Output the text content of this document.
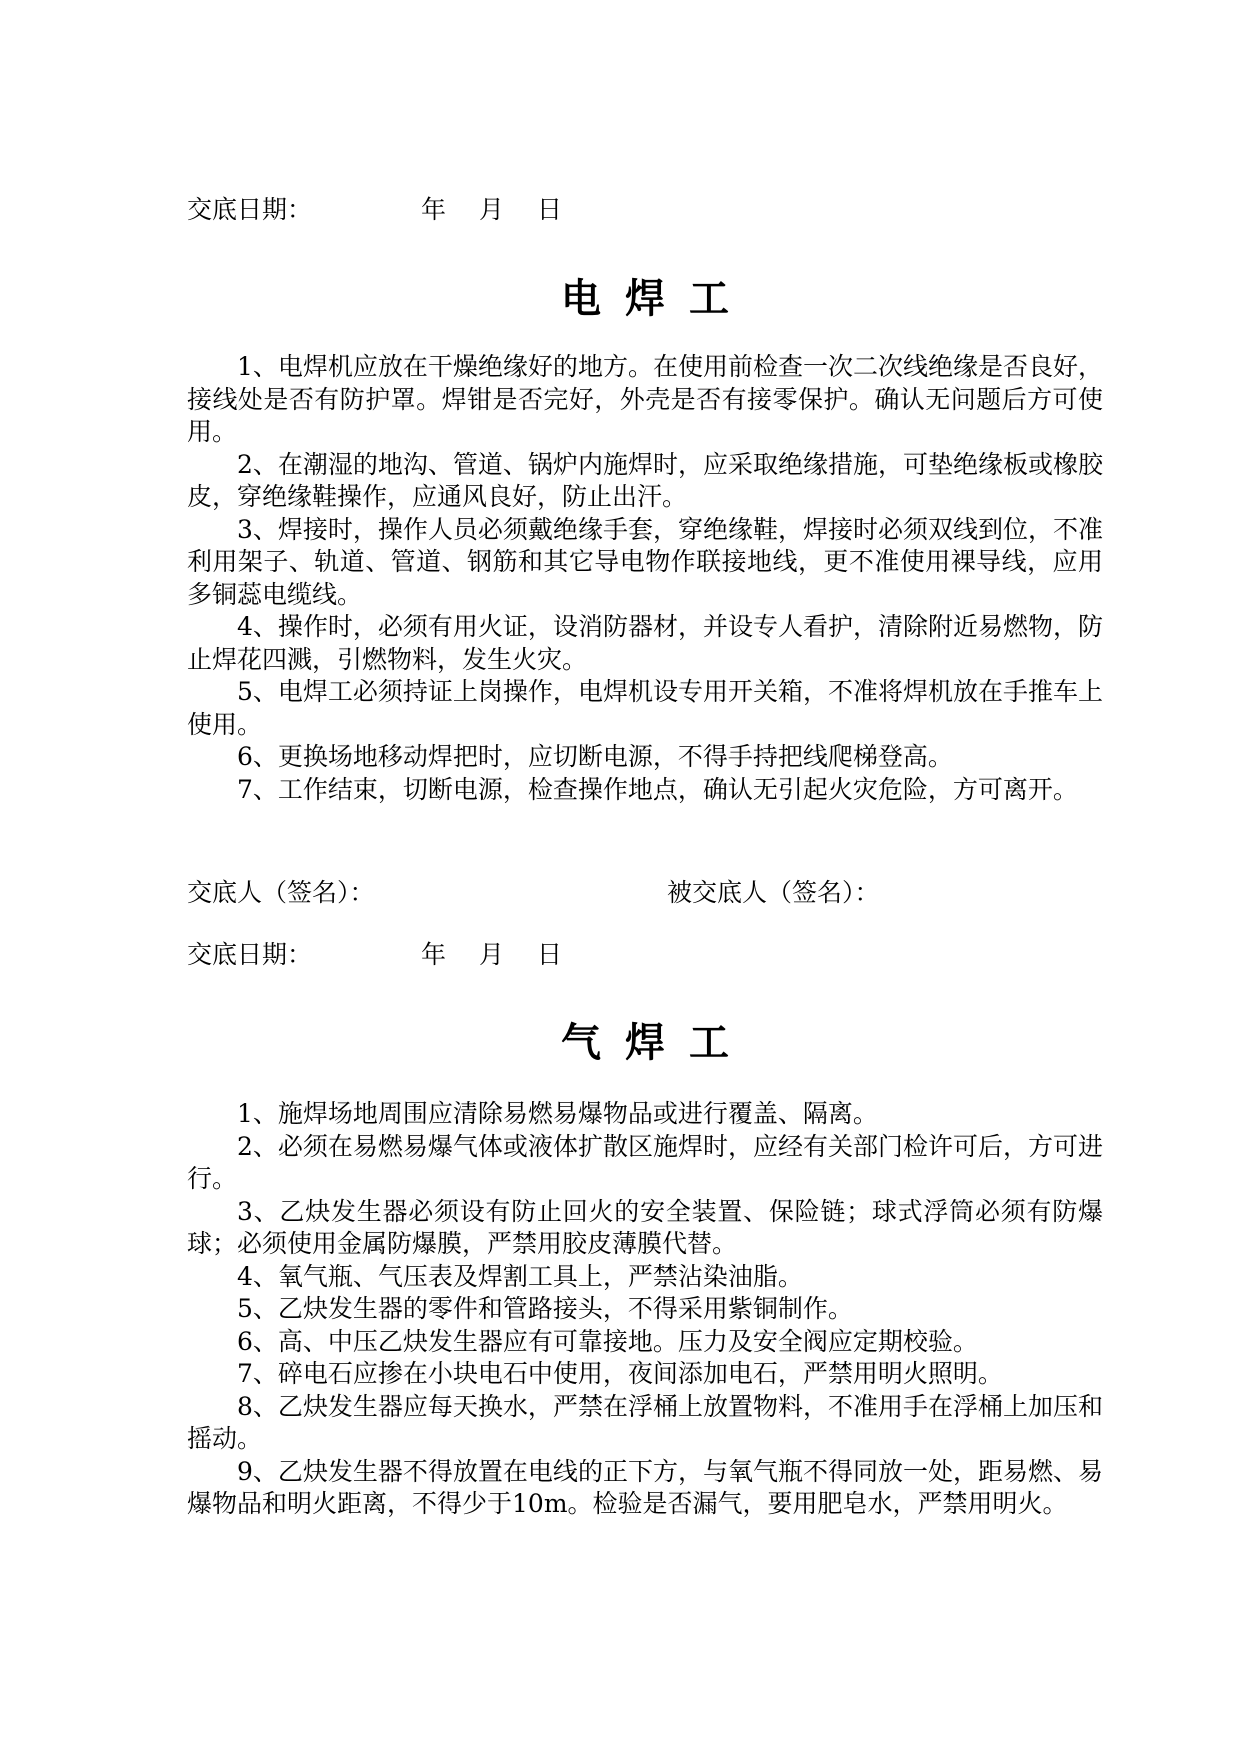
交底日期：	年 月 日
电焊工

1、电焊机应放在干燥绝缘好的地方。在使用前检查一次二次线绝缘是否良好，接线处是否有防护罩。焊钳是否完好，外壳是否有接零保护。确认无问题后方可使用。

2、在潮湿的地沟、管道、锅炉内施焊时，应采取绝缘措施，可垫绝缘板或橡胶皮，穿绝缘鞋操作，应通风良好，防止出汗。

3、焊接时，操作人员必须戴绝缘手套，穿绝缘鞋，焊接时必须双线到位，不准利用架子、轨道、管道、钢筋和其它导电物作联接地线，更不准使用裸导线，应用多铜蕊电缆线。

4、操作时，必须有用火证，设消防器材，并设专人看护，清除附近易燃物，防止焊花四溅，引燃物料，发生火灾。

5、电焊工必须持证上岗操作，电焊机设专用开关箱，不准将焊机放在手推车上使用。

6、更换场地移动焊把时，应切断电源，不得手持把线爬梯登高。

7、工作结束，切断电源，检查操作地点，确认无引起火灾危险，方可离开。

交底人（签名）：	被交底人（签名）：
交底日期：	年 月 日
气焊工

1、施焊场地周围应清除易燃易爆物品或进行覆盖、隔离。

2、必须在易燃易爆气体或液体扩散区施焊时，应经有关部门检许可后，方可进行。

3、乙炔发生器必须设有防止回火的安全装置、保险链；球式浮筒必须有防爆球；必须使用金属防爆膜，严禁用胶皮薄膜代替。

4、氧气瓶、气压表及焊割工具上，严禁沾染油脂。

5、乙炔发生器的零件和管路接头，不得采用紫铜制作。

6、高、中压乙炔发生器应有可靠接地。压力及安全阀应定期校验。

7、碎电石应掺在小块电石中使用，夜间添加电石，严禁用明火照明。

8、乙炔发生器应每天换水，严禁在浮桶上放置物料，不准用手在浮桶上加压和摇动。

9、乙炔发生器不得放置在电线的正下方，与氧气瓶不得同放一处，距易燃、易爆物品和明火距离，不得少于10m。检验是否漏气，要用肥皂水，严禁用明火。
